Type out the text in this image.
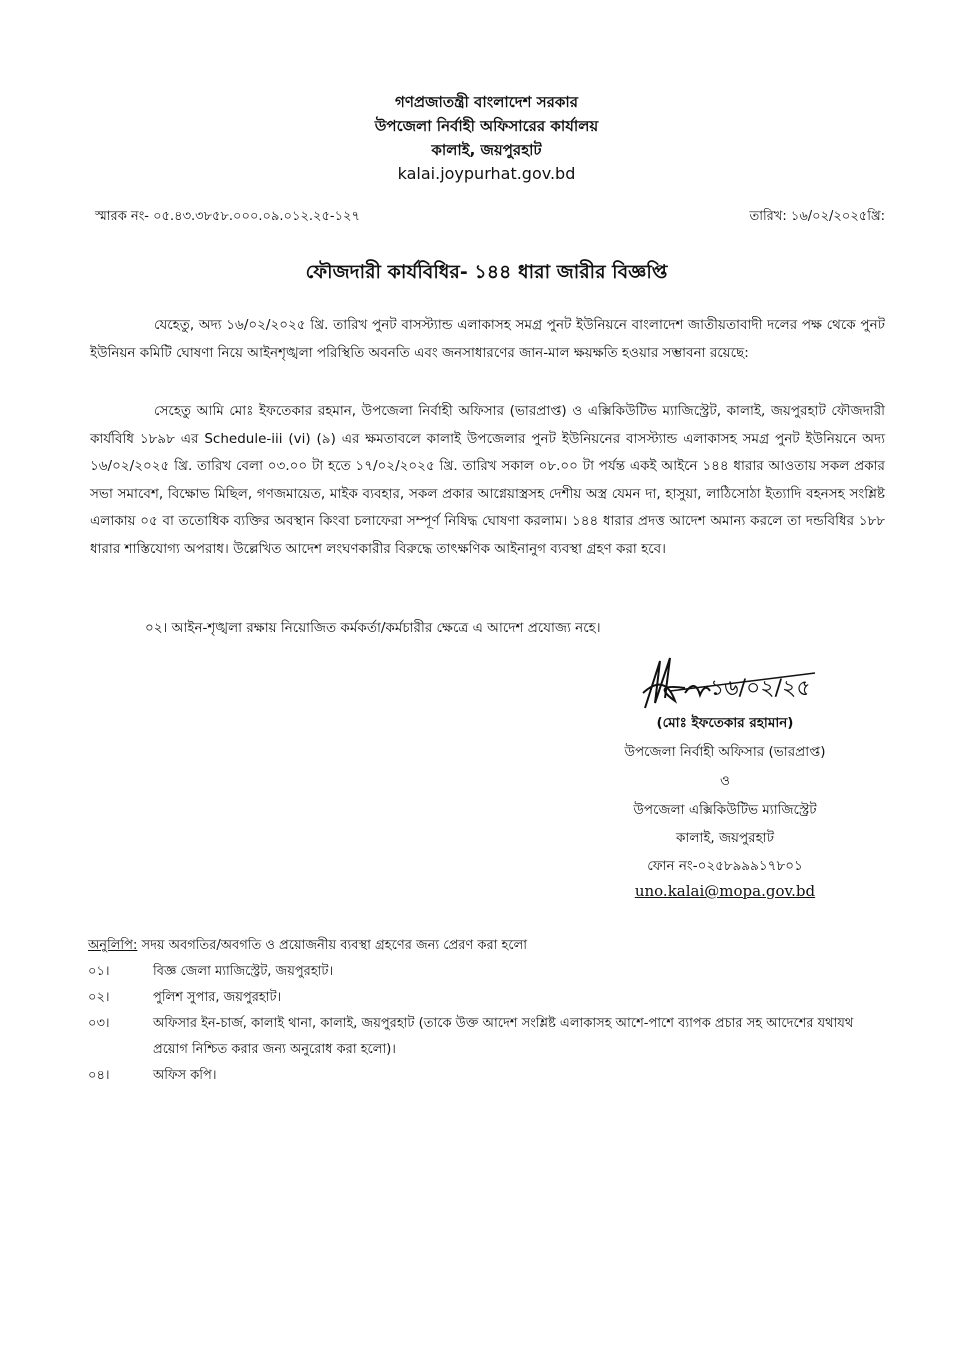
গণপ্রজাতন্ত্রী বাংলাদেশ সরকার
উপজেলা নির্বাহী অফিসারের কার্যালয়
কালাই, জয়পুরহাট
kalai.joypurhat.gov.bd
স্মারক নং- ০৫.৪৩.৩৮৫৮.০০০.০৯.০১২.২৫-১২৭	তারিখ: ১৬/০২/২০২৫খ্রি:
ফৌজদারী কার্যবিধির- ১৪৪ ধারা জারীর বিজ্ঞপ্তি
যেহেতু, অদ্য ১৬/০২/২০২৫ খ্রি. তারিখ পুনট বাসস্ট্যান্ড এলাকাসহ সমগ্র পুনট ইউনিয়নে বাংলাদেশ জাতীয়তাবাদী দলের পক্ষ থেকে পুনট ইউনিয়ন কমিটি ঘোষণা নিয়ে আইনশৃঙ্খলা পরিস্থিতি অবনতি এবং জনসাধারণের জান-মাল ক্ষয়ক্ষতি হওয়ার সম্ভাবনা রয়েছে:
সেহেতু আমি মোঃ ইফতেকার রহমান, উপজেলা নির্বাহী অফিসার (ভারপ্রাপ্ত) ও এক্সিকিউটিভ ম্যাজিস্ট্রেট, কালাই, জয়পুরহাট ফৌজদারী কার্যবিধি ১৮৯৮ এর Schedule-iii (vi) (৯) এর ক্ষমতাবলে কালাই উপজেলার পুনট ইউনিয়নের বাসস্ট্যান্ড এলাকাসহ সমগ্র পুনট ইউনিয়নে অদ্য ১৬/০২/২০২৫ খ্রি. তারিখ বেলা ০৩.০০ টা হতে ১৭/০২/২০২৫ খ্রি. তারিখ সকাল ০৮.০০ টা পর্যন্ত একই আইনে ১৪৪ ধারার আওতায় সকল প্রকার সভা সমাবেশ, বিক্ষোভ মিছিল, গণজমায়েত, মাইক ব্যবহার, সকল প্রকার আগ্নেয়াস্ত্রসহ দেশীয় অস্ত্র যেমন দা, হাসুয়া, লাঠিসোঠা ইত্যাদি বহনসহ সংশ্লিষ্ট এলাকায় ০৫ বা ততোধিক ব্যক্তির অবস্থান কিংবা চলাফেরা সম্পূর্ণ নিষিদ্ধ ঘোষণা করলাম। ১৪৪ ধারার প্রদত্ত আদেশ অমান্য করলে তা দন্ডবিধির ১৮৮ ধারার শাস্তিযোগ্য অপরাধ। উল্লেখিত আদেশ লংঘণকারীর বিরুদ্ধে তাৎক্ষণিক আইনানুগ ব্যবস্থা গ্রহণ করা হবে।
০২। আইন-শৃঙ্খলা রক্ষায় নিয়োজিত কর্মকর্তা/কর্মচারীর ক্ষেত্রে এ আদেশ প্রযোজ্য নহে।
১৬/০২/২৫
(মোঃ ইফতেকার রহামান)
উপজেলা নির্বাহী অফিসার (ভারপ্রাপ্ত)
ও
উপজেলা এক্সিকিউটিভ ম্যাজিস্ট্রেট
কালাই, জয়পুরহাট
ফোন নং-০২৫৮৯৯৯১৭৮০১
uno.kalai@mopa.gov.bd
অনুলিপি: সদয় অবগতির/অবগতি ও প্রয়োজনীয় ব্যবস্থা গ্রহণের জন্য প্রেরণ করা হলো
০১।	বিজ্ঞ জেলা ম্যাজিস্ট্রেট, জয়পুরহাট।
০২।	পুলিশ সুপার, জয়পুরহাট।
০৩।	অফিসার ইন-চার্জ, কালাই থানা, কালাই, জয়পুরহাট (তাকে উক্ত আদেশ সংশ্লিষ্ট এলাকাসহ আশে-পাশে ব্যাপক প্রচার সহ আদেশের যথাযথ প্রয়োগ নিশ্চিত করার জন্য অনুরোধ করা হলো)।
০৪।	অফিস কপি।
